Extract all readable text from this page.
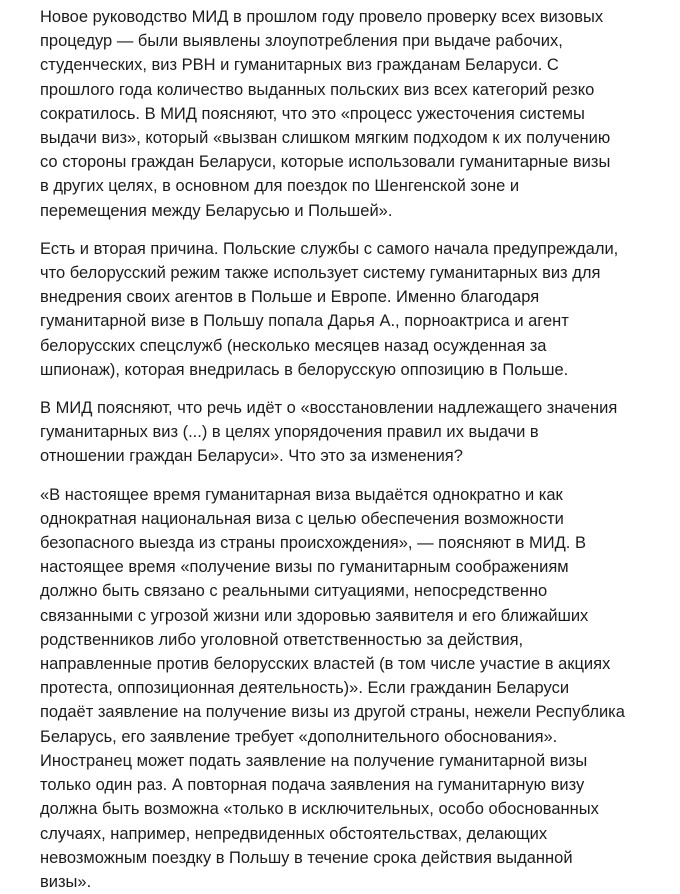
Новое руководство МИД в прошлом году провело проверку всех визовых
процедур — были выявлены злоупотребления при выдаче рабочих,
студенческих, виз РВН и гуманитарных виз гражданам Беларуси. С
прошлого года количество выданных польских виз всех категорий резко
сократилось. В МИД поясняют, что это «процесс ужесточения системы
выдачи виз», который «вызван слишком мягким подходом к их получению
со стороны граждан Беларуси, которые использовали гуманитарные визы
в других целях, в основном для поездок по Шенгенской зоне и
перемещения между Беларусью и Польшей».

Есть и вторая причина. Польские службы с самого начала предупреждали,
что белорусский режим также использует систему гуманитарных виз для
внедрения своих агентов в Польше и Европе. Именно благодаря
гуманитарной визе в Польшу попала Дарья А., порноактриса и агент
белорусских спецслужб (несколько месяцев назад осужденная за
шпионаж), которая внедрилась в белорусскую оппозицию в Польше.

В МИД поясняют, что речь идёт о «восстановлении надлежащего значения
гуманитарных виз (...) в целях упорядочения правил их выдачи в
отношении граждан Беларуси». Что это за изменения?

«В настоящее время гуманитарная виза выдаётся однократно и как
однократная национальная виза с целью обеспечения возможности
безопасного выезда из страны происхождения», — поясняют в МИД. В
настоящее время «получение визы по гуманитарным соображениям
должно быть связано с реальными ситуациями, непосредственно
связанными с угрозой жизни или здоровью заявителя и его ближайших
родственников либо уголовной ответственностью за действия,
направленные против белорусских властей (в том числе участие в акциях
протеста, оппозиционная деятельность)». Если гражданин Беларуси
подаёт заявление на получение визы из другой страны, нежели Республика
Беларусь, его заявление требует «дополнительного обоснования».
Иностранец может подать заявление на получение гуманитарной визы
только один раз. А повторная подача заявления на гуманитарную визу
должна быть возможна «только в исключительных, особо обоснованных
случаях, например, непредвиденных обстоятельствах, делающих
невозможным поездку в Польшу в течение срока действия выданной
визы».
